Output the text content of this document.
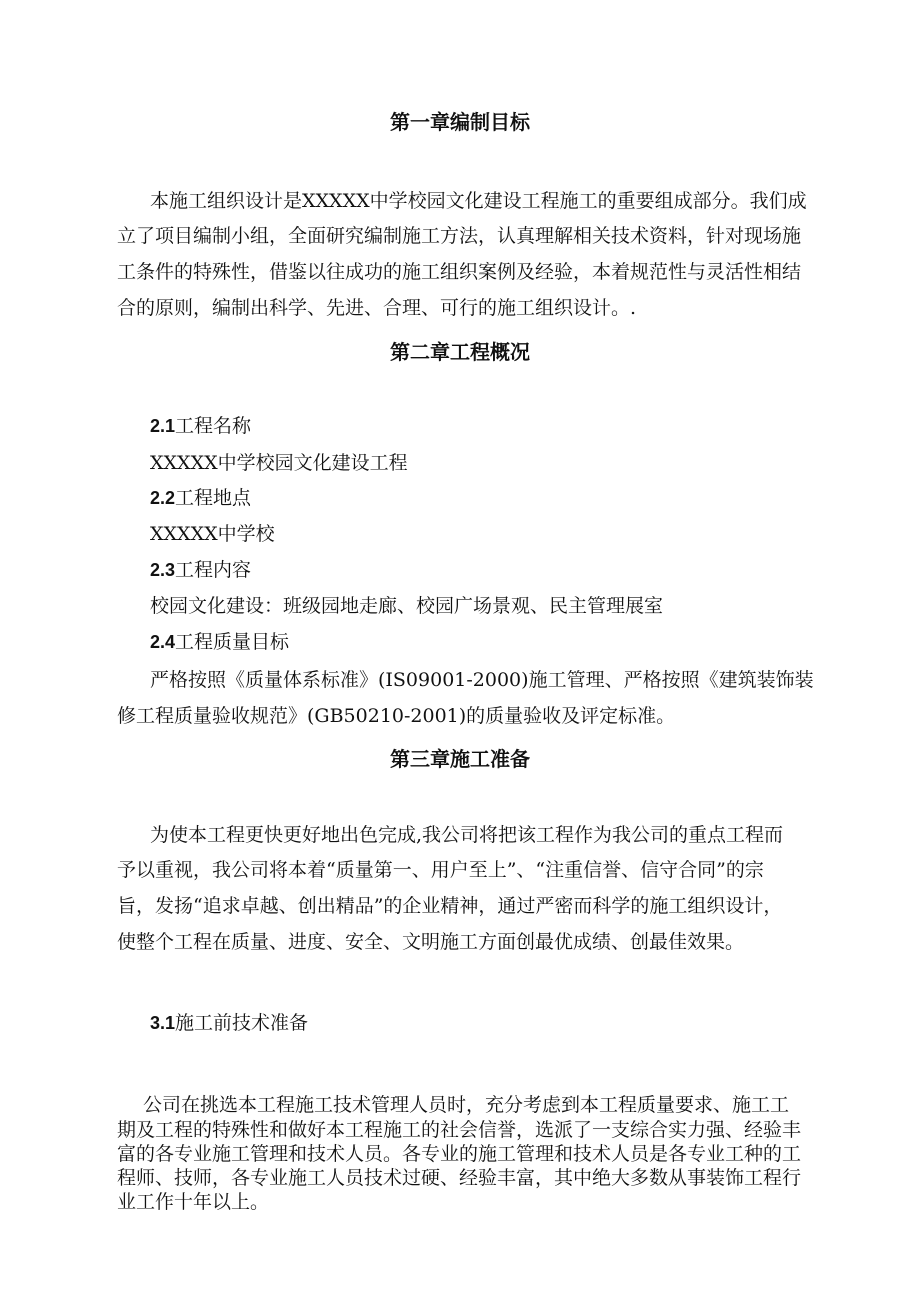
第一章编制目标

本施工组织设计是XXXXX中学校园文化建设工程施工的重要组成部分。我们成

立了项目编制小组，全面研究编制施工方法，认真理解相关技术资料，针对现场施

工条件的特殊性，借鉴以往成功的施工组织案例及经验，本着规范性与灵活性相结

合的原则，编制出科学、先进、合理、可行的施工组织设计。.

第二章工程概况

2.1工程名称

XXXXX中学校园文化建设工程

2.2工程地点

XXXXX中学校

2.3工程内容

校园文化建设：班级园地走廊、校园广场景观、民主管理展室

2.4工程质量目标

严格按照《质量体系标准》(IS09001-2000)施工管理、严格按照《建筑装饰装

修工程质量验收规范》(GB50210-2001)的质量验收及评定标准。

第三章施工准备

为使本工程更快更好地出色完成,我公司将把该工程作为我公司的重点工程而

予以重视，我公司将本着“质量第一、用户至上”、“注重信誉、信守合同”的宗

旨，发扬“追求卓越、创出精品”的企业精神，通过严密而科学的施工组织设计，

使整个工程在质量、进度、安全、文明施工方面创最优成绩、创最佳效果。

3.1施工前技术准备

公司在挑选本工程施工技术管理人员时，充分考虑到本工程质量要求、施工工

期及工程的特殊性和做好本工程施工的社会信誉，选派了一支综合实力强、经验丰

富的各专业施工管理和技术人员。各专业的施工管理和技术人员是各专业工种的工

程师、技师，各专业施工人员技术过硬、经验丰富，其中绝大多数从事装饰工程行

业工作十年以上。
